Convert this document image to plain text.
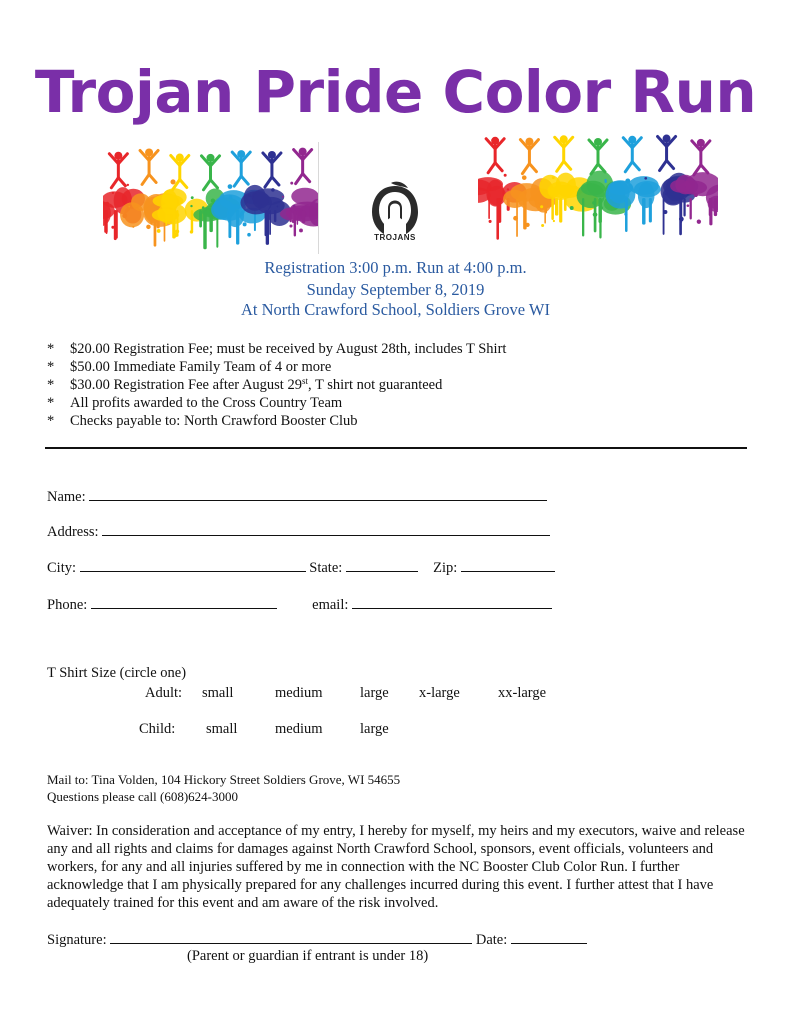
Trojan Pride Color Run
TROJANS
Registration 3:00 p.m. Run at 4:00 p.m.
Sunday September 8, 2019
At North Crawford School, Soldiers Grove WI
* $20.00 Registration Fee; must be received by August 28th, includes T Shirt
* $50.00 Immediate Family Team of 4 or more
* $30.00 Registration Fee after August 29st, T shirt not guaranteed
* All profits awarded to the Cross Country Team
* Checks payable to: North Crawford Booster Club
Name:
Address:
City:	State:	Zip:
Phone:	email:
T Shirt Size (circle one)
Adult: small	medium	large x-large	xx-large
Child: small	medium	large
Mail to: Tina Volden, 104 Hickory Street Soldiers Grove, WI 54655
Questions please call (608)624-3000
Waiver: In consideration and acceptance of my entry, I hereby for myself, my heirs and my executors, waive and release any and all rights and claims for damages against North Crawford School, sponsors, event officials, volunteers and workers, for any and all injuries suffered by me in connection with the NC Booster Club Color Run. I further acknowledge that I am physically prepared for any challenges incurred during this event. I further attest that I have adequately trained for this event and am aware of the risk involved.
Signature:	Date:
(Parent or guardian if entrant is under 18)
